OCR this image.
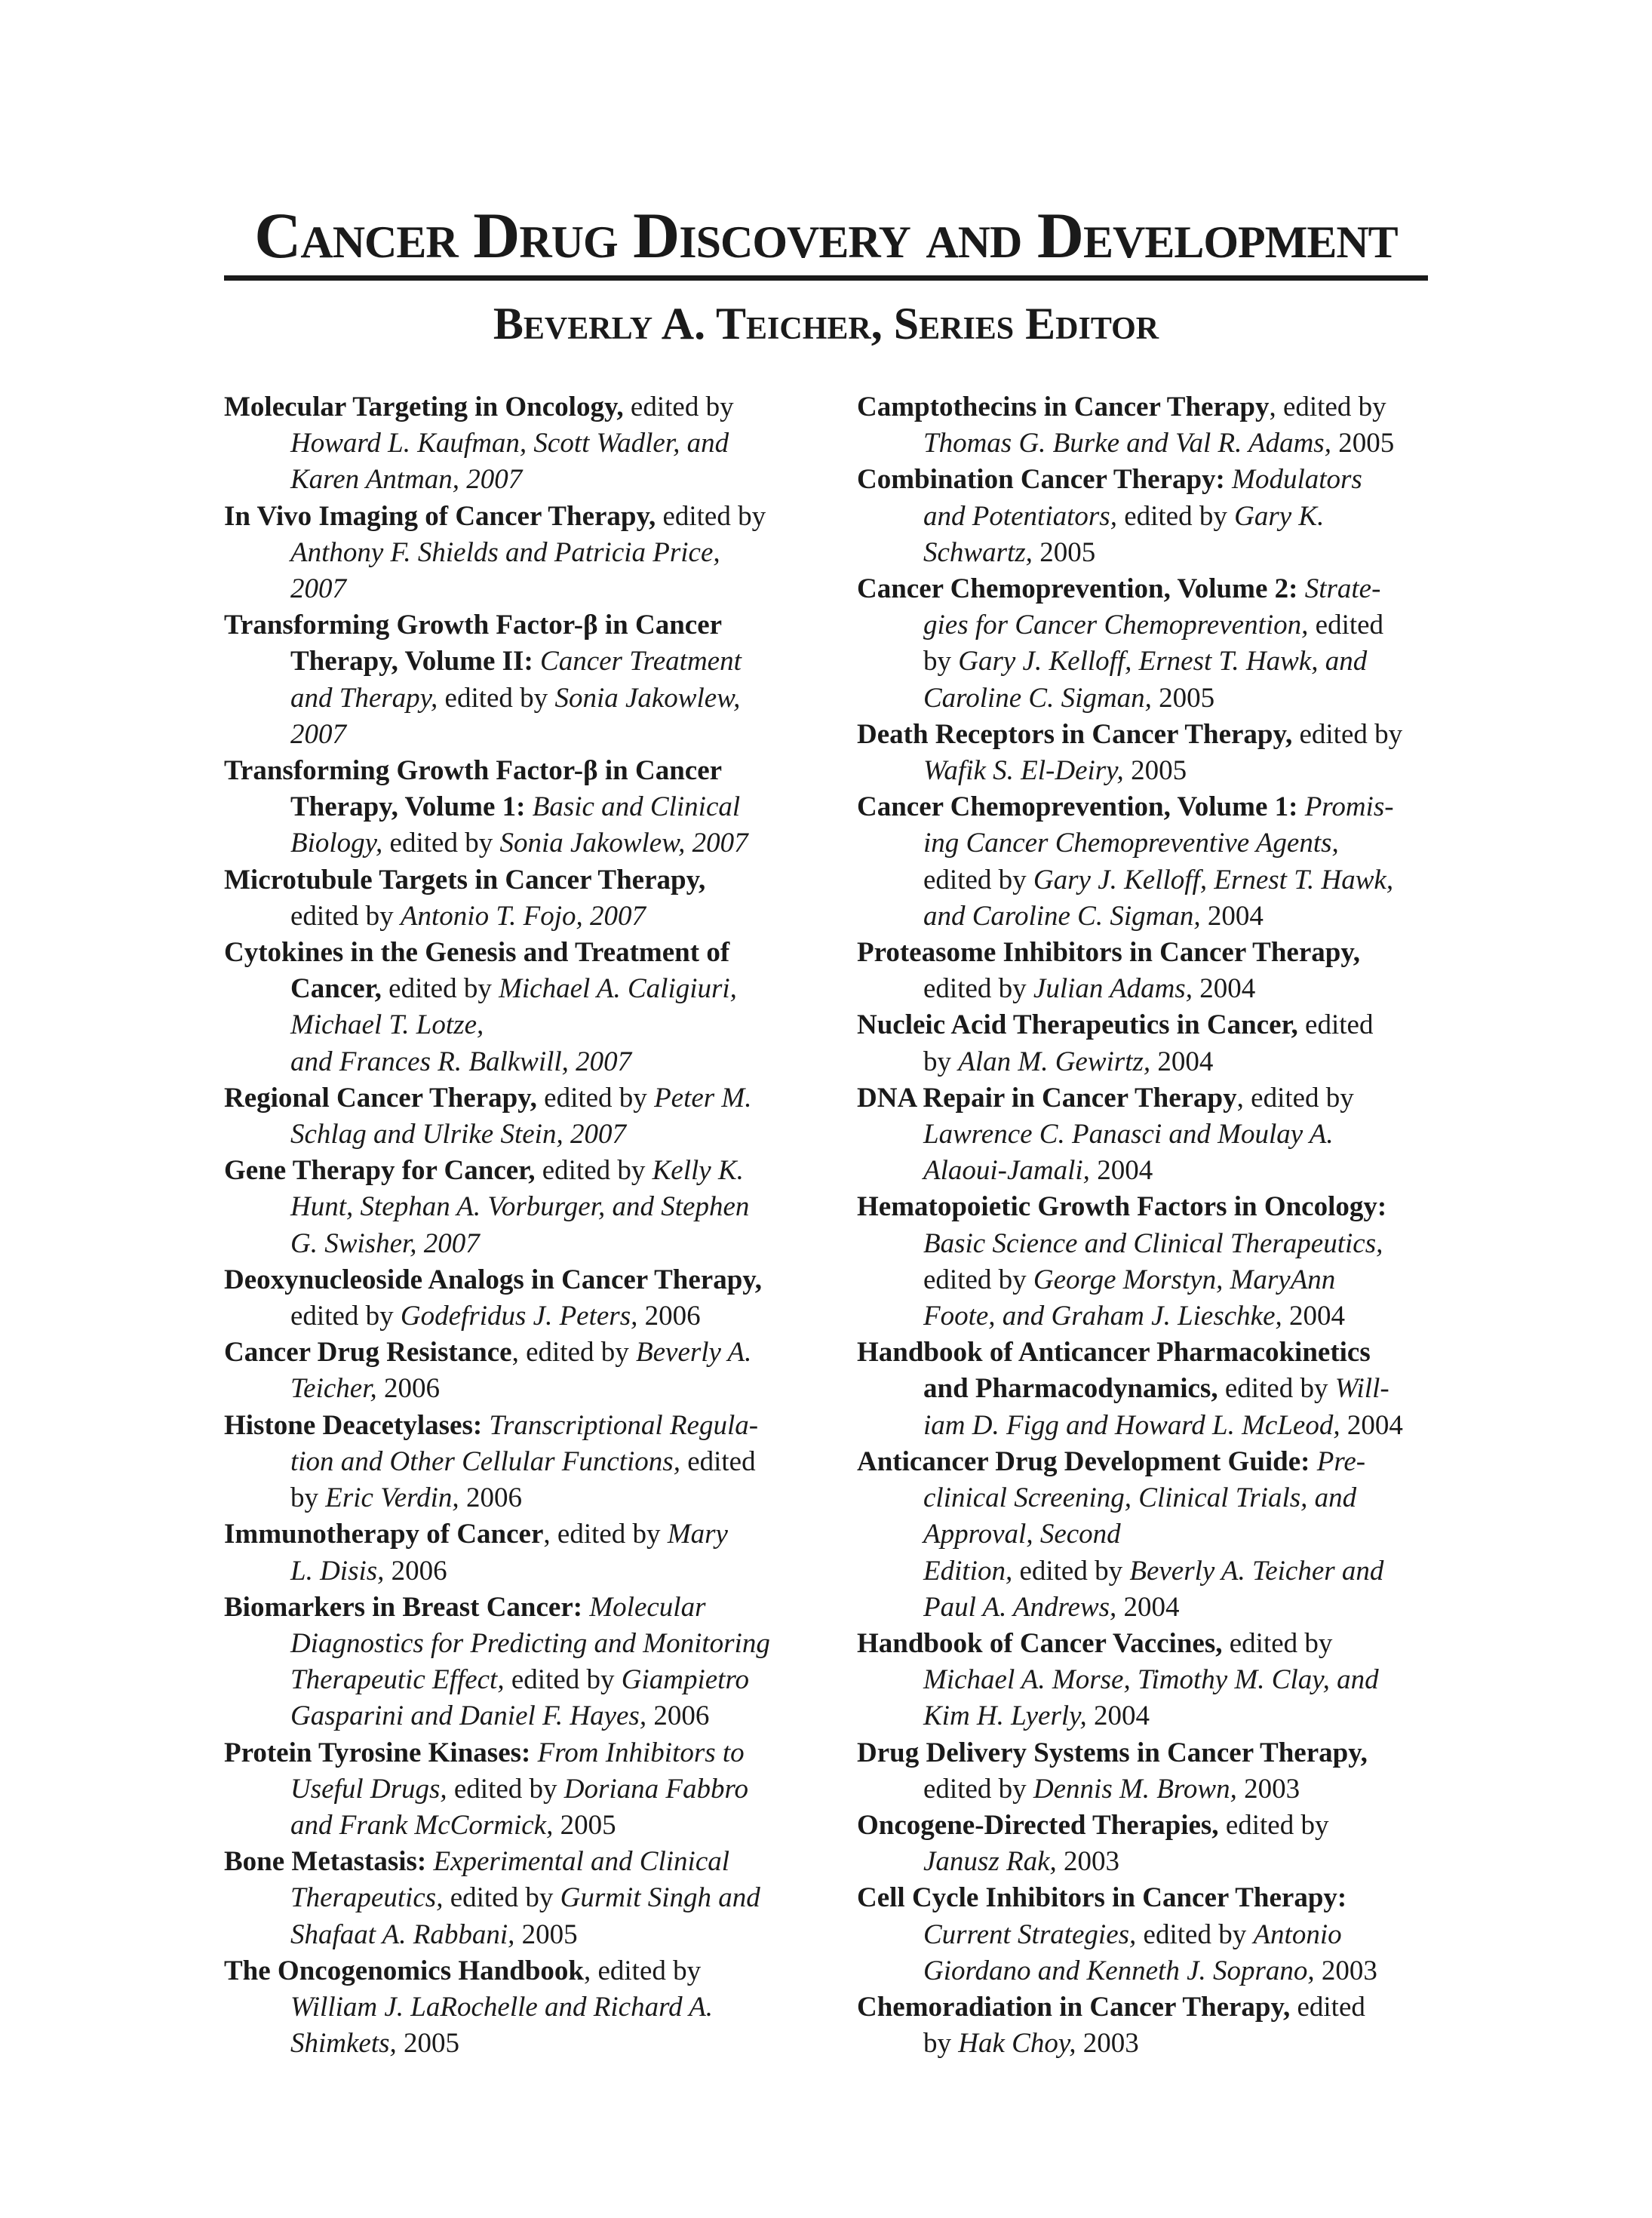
Cancer Drug Discovery and Development
Beverly A. Teicher, Series Editor
Molecular Targeting in Oncology, edited by Howard L. Kaufman, Scott Wadler, and
Karen Antman, 2007
In Vivo Imaging of Cancer Therapy, edited by Anthony F. Shields and Patricia Price,
2007
Transforming Growth Factor-β in Cancer
Therapy, Volume II: Cancer Treatment
and Therapy, edited by Sonia Jakowlew,
2007
Transforming Growth Factor-β in Cancer
Therapy, Volume 1: Basic and Clinical
Biology, edited by Sonia Jakowlew, 2007
Microtubule Targets in Cancer Therapy,
edited by Antonio T. Fojo, 2007
Cytokines in the Genesis and Treatment of
Cancer, edited by Michael A. Caligiuri,
Michael T. Lotze,
and Frances R. Balkwill, 2007
Regional Cancer Therapy, edited by Peter M.
Schlag and Ulrike Stein, 2007
Gene Therapy for Cancer, edited by Kelly K.
Hunt, Stephan A. Vorburger, and Stephen
G. Swisher, 2007
Deoxynucleoside Analogs in Cancer Therapy,
edited by Godefridus J. Peters, 2006
Cancer Drug Resistance, edited by Beverly A.
Teicher, 2006
Histone Deacetylases: Transcriptional Regula-
tion and Other Cellular Functions, edited
by Eric Verdin, 2006
Immunotherapy of Cancer, edited by Mary
L. Disis, 2006
Biomarkers in Breast Cancer: Molecular
Diagnostics for Predicting and Monitoring
Therapeutic Effect, edited by Giampietro
Gasparini and Daniel F. Hayes, 2006
Protein Tyrosine Kinases: From Inhibitors to
Useful Drugs, edited by Doriana Fabbro
and Frank McCormick, 2005
Bone Metastasis: Experimental and Clinical
Therapeutics, edited by Gurmit Singh and
Shafaat A. Rabbani, 2005
The Oncogenomics Handbook, edited by
William J. LaRochelle and Richard A.
Shimkets, 2005
Camptothecins in Cancer Therapy, edited by
Thomas G. Burke and Val R. Adams, 2005
Combination Cancer Therapy: Modulators
and Potentiators, edited by Gary K.
Schwartz, 2005
Cancer Chemoprevention, Volume 2: Strate-
gies for Cancer Chemoprevention, edited
by Gary J. Kelloff, Ernest T. Hawk, and
Caroline C. Sigman, 2005
Death Receptors in Cancer Therapy, edited by
Wafik S. El-Deiry, 2005
Cancer Chemoprevention, Volume 1: Promis-
ing Cancer Chemopreventive Agents,
edited by Gary J. Kelloff, Ernest T. Hawk,
and Caroline C. Sigman, 2004
Proteasome Inhibitors in Cancer Therapy,
edited by Julian Adams, 2004
Nucleic Acid Therapeutics in Cancer, edited
by Alan M. Gewirtz, 2004
DNA Repair in Cancer Therapy, edited by
Lawrence C. Panasci and Moulay A.
Alaoui-Jamali, 2004
Hematopoietic Growth Factors in Oncology:
Basic Science and Clinical Therapeutics,
edited by George Morstyn, MaryAnn
Foote, and Graham J. Lieschke, 2004
Handbook of Anticancer Pharmacokinetics
and Pharmacodynamics, edited by Will-
iam D. Figg and Howard L. McLeod, 2004
Anticancer Drug Development Guide: Pre-
clinical Screening, Clinical Trials, and
Approval, Second
Edition, edited by Beverly A. Teicher and
Paul A. Andrews, 2004
Handbook of Cancer Vaccines, edited by
Michael A. Morse, Timothy M. Clay, and
Kim H. Lyerly, 2004
Drug Delivery Systems in Cancer Therapy,
edited by Dennis M. Brown, 2003
Oncogene-Directed Therapies, edited by
Janusz Rak, 2003
Cell Cycle Inhibitors in Cancer Therapy:
Current Strategies, edited by Antonio
Giordano and Kenneth J. Soprano, 2003
Chemoradiation in Cancer Therapy, edited
by Hak Choy, 2003
